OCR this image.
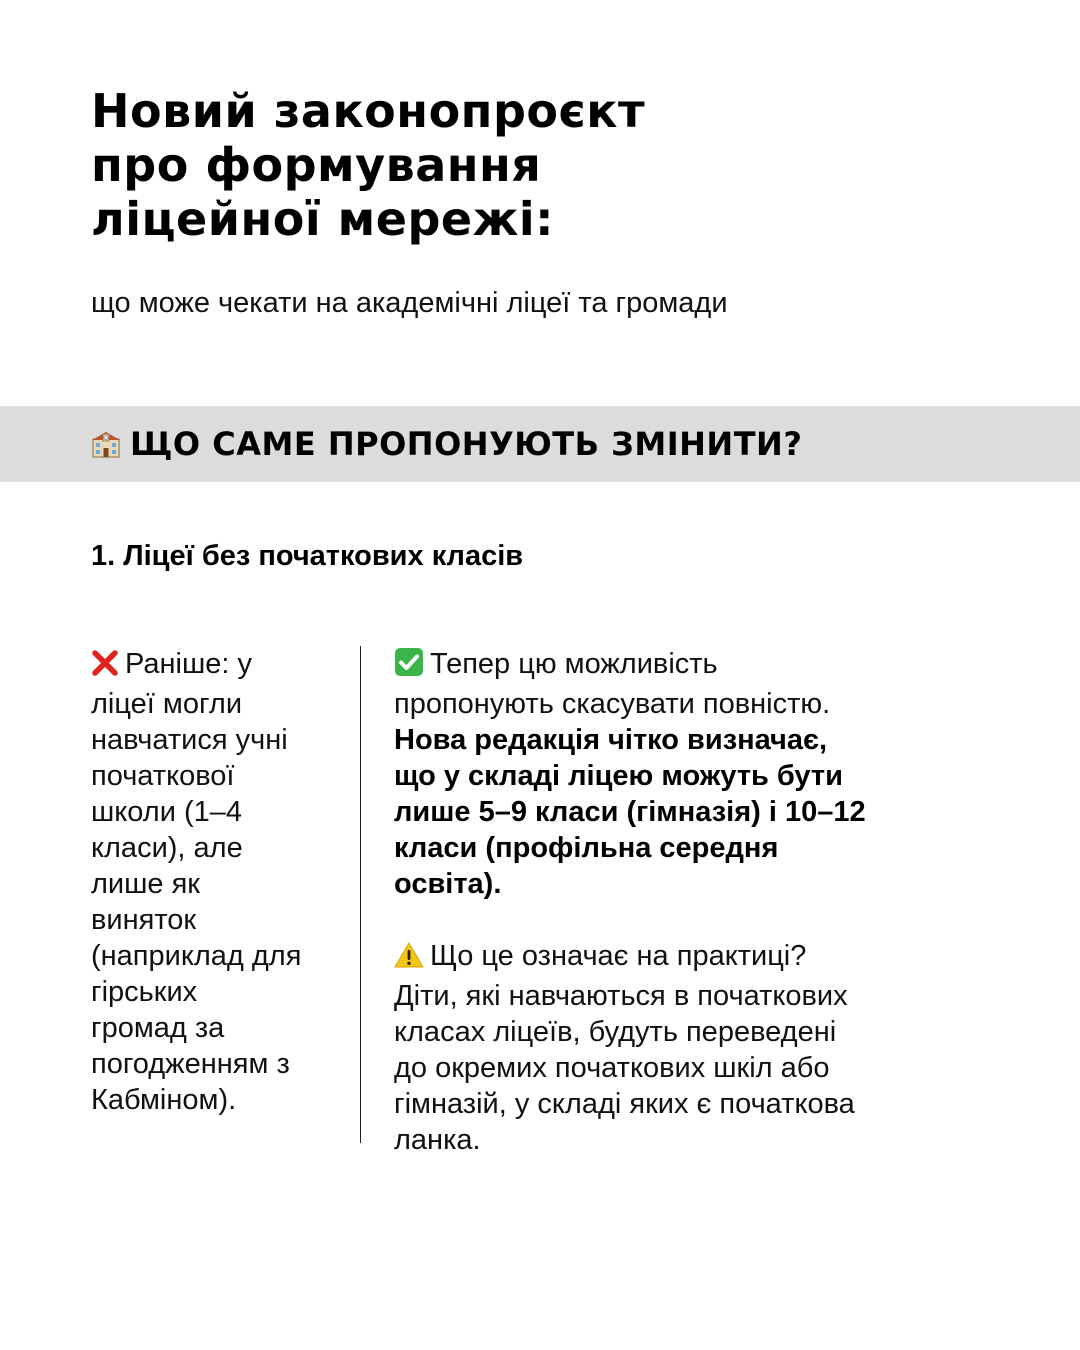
Новий законопроєкт
про формування
ліцейної мережі:
що може чекати на академічні ліцеї та громади
ЩО САМЕ ПРОПОНУЮТЬ ЗМІНИТИ?
1. Ліцеї без початкових класів
Раніше: у
ліцеї могли
навчатися учні
початкової
школи (1–4
класи), але
лише як
виняток
(наприклад для
гірських
громад за
погодженням з
Кабміном).
Тепер цю можливість
пропонують скасувати повністю.
Нова редакція чітко визначає,
що у складі ліцею можуть бути
лише 5–9 класи (гімназія) і 10–12
класи (профільна середня
освіта).
Що це означає на практиці?
Діти, які навчаються в початкових
класах ліцеїв, будуть переведені
до окремих початкових шкіл або
гімназій, у складі яких є початкова
ланка.
